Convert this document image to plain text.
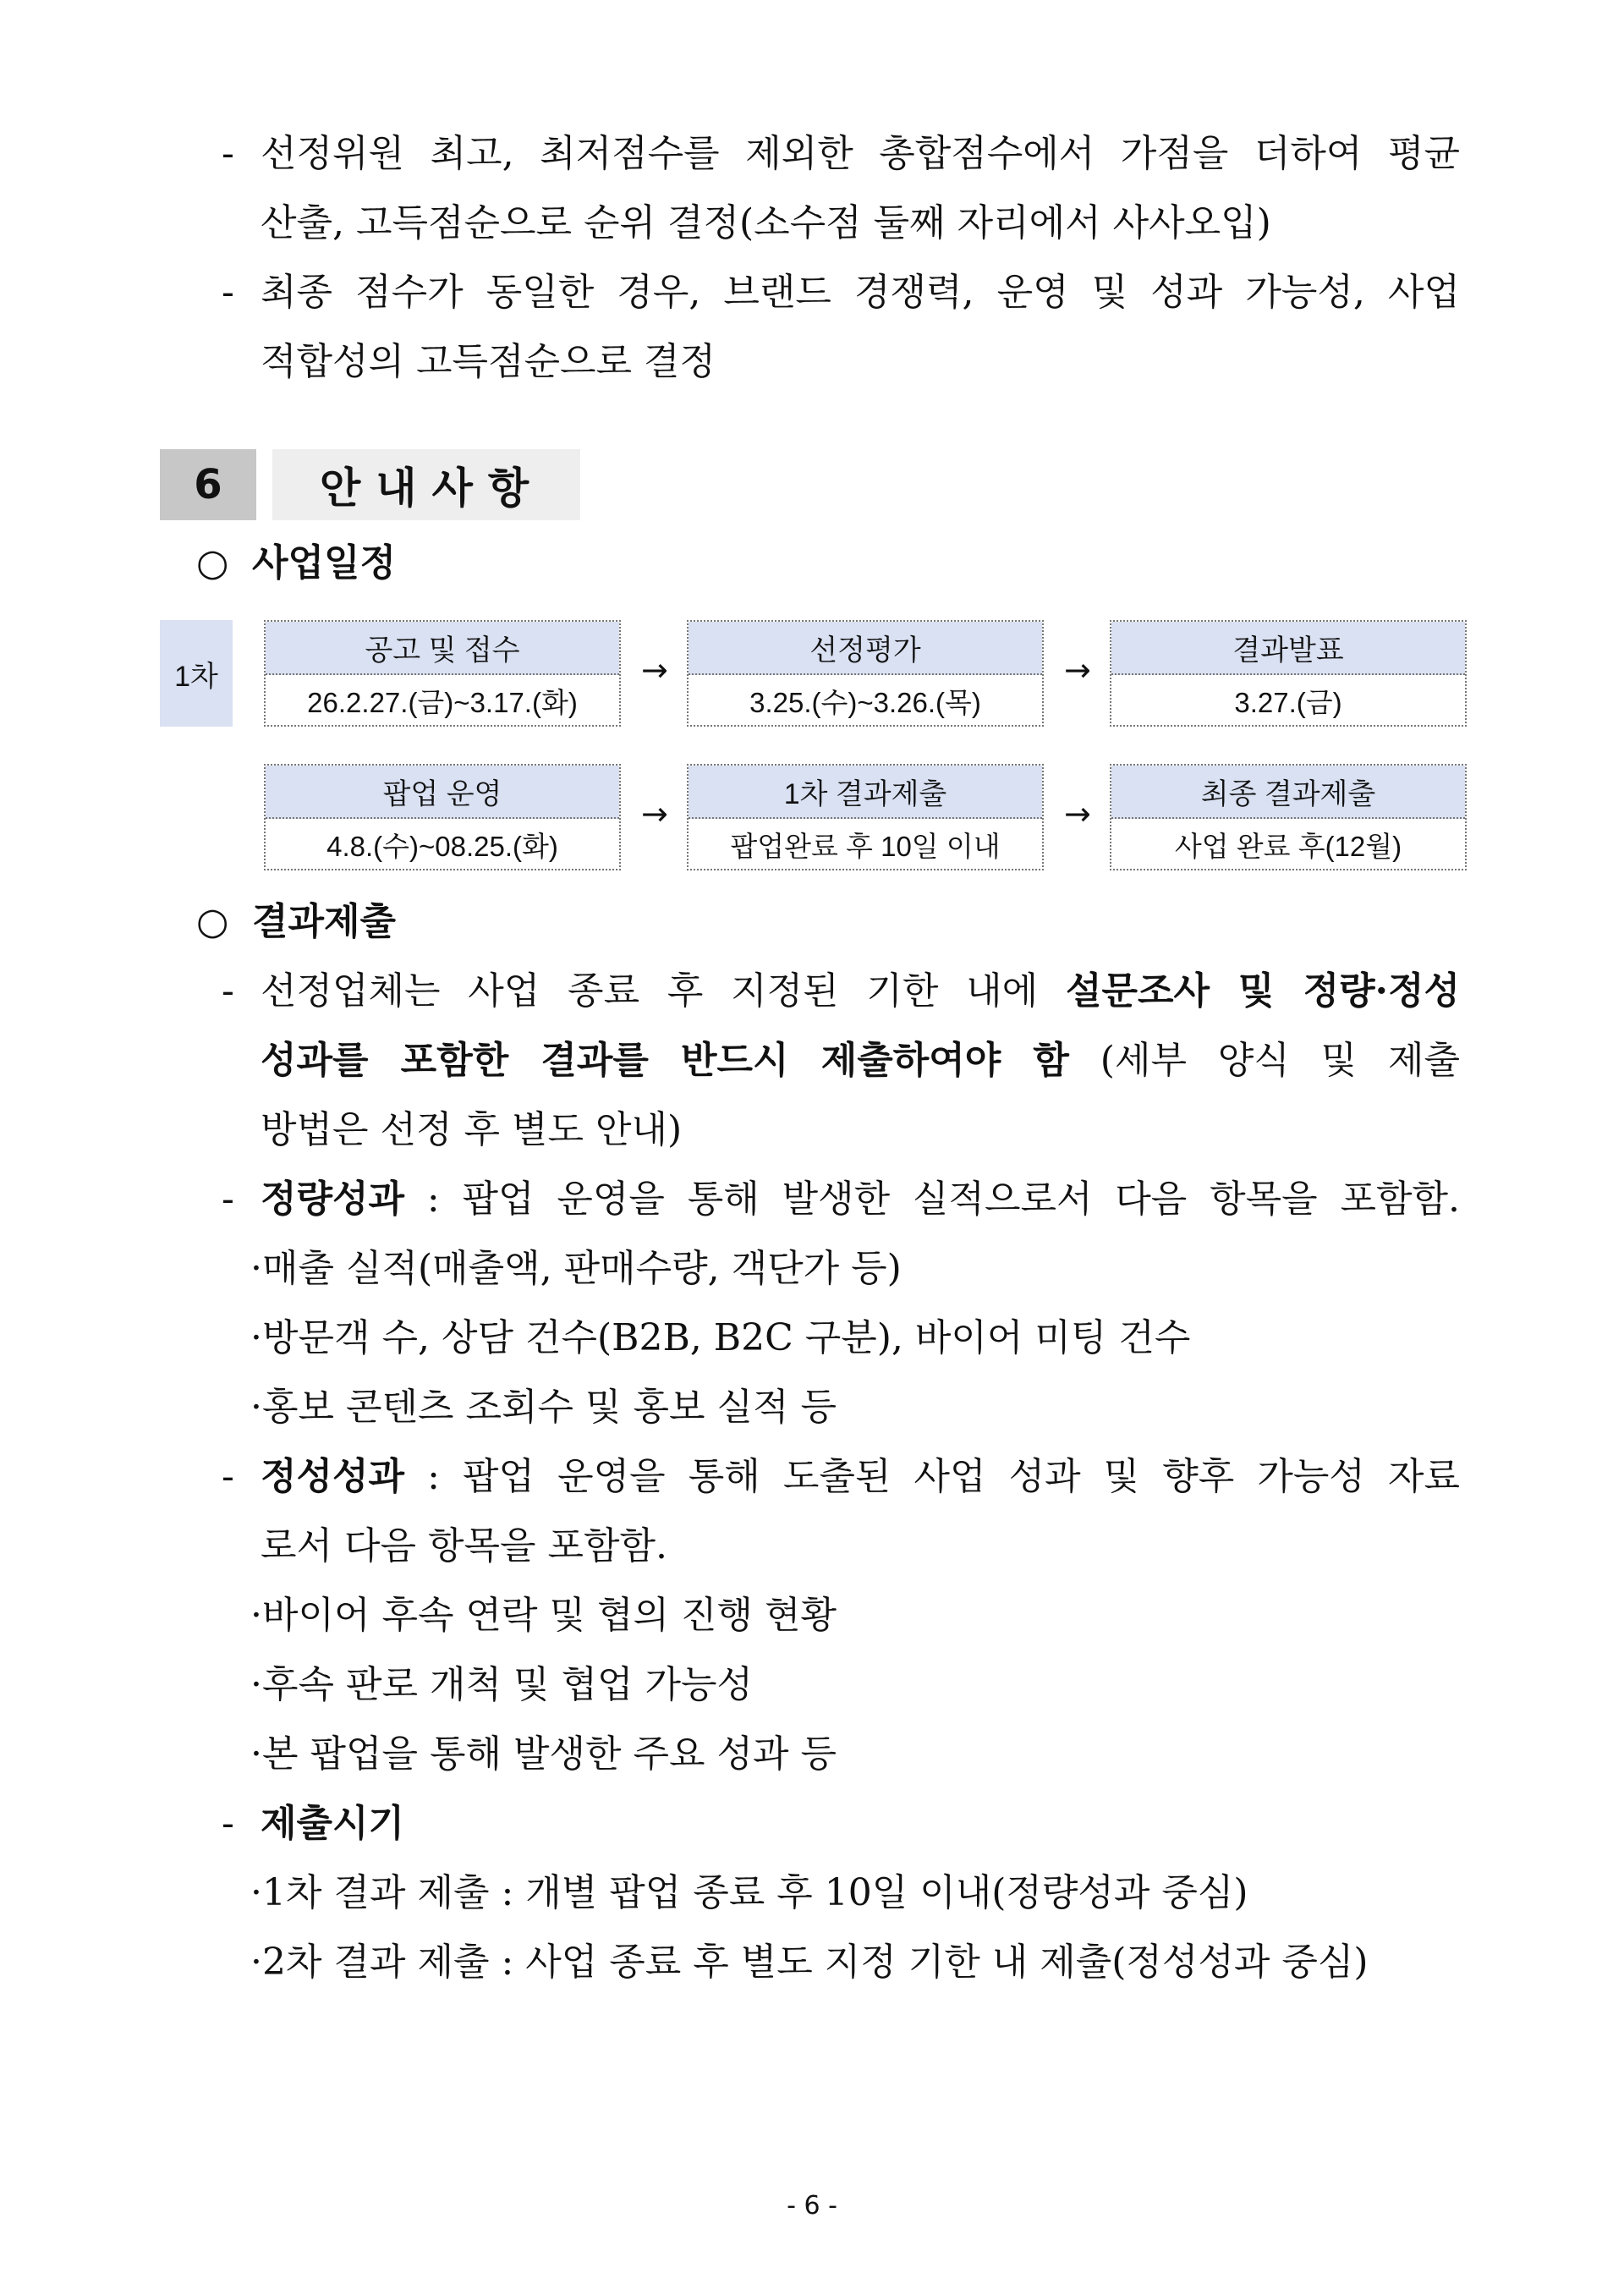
- 선정위원 최고, 최저점수를 제외한 총합점수에서 가점을 더하여 평균
산출, 고득점순으로 순위 결정(소수점 둘째 자리에서 사사오입)
- 최종 점수가 동일한 경우, 브랜드 경쟁력, 운영 및 성과 가능성, 사업
적합성의 고득점순으로 결정
6	안내사항
○ 사업일정
1차
공고 및 접수
26.2.27.(금)~3.17.(화)
→
선정평가
3.25.(수)~3.26.(목)
→
결과발표
3.27.(금)
팝업 운영
4.8.(수)~08.25.(화)
→
1차 결과제출
팝업완료 후 10일 이내
→
최종 결과제출
사업 완료 후(12월)
○ 결과제출
- 선정업체는 사업 종료 후 지정된 기한 내에 설문조사 및 정량·정성
성과를 포함한 결과를 반드시 제출하여야 함 (세부 양식 및 제출
방법은 선정 후 별도 안내)
- 정량성과 : 팝업 운영을 통해 발생한 실적으로서 다음 항목을 포함함.
·매출 실적(매출액, 판매수량, 객단가 등)
·방문객 수, 상담 건수(B2B, B2C 구분), 바이어 미팅 건수
·홍보 콘텐츠 조회수 및 홍보 실적 등
- 정성성과 : 팝업 운영을 통해 도출된 사업 성과 및 향후 가능성 자료
로서 다음 항목을 포함함.
·바이어 후속 연락 및 협의 진행 현황
·후속 판로 개척 및 협업 가능성
·본 팝업을 통해 발생한 주요 성과 등
- 제출시기
·1차 결과 제출 : 개별 팝업 종료 후 10일 이내(정량성과 중심)
·2차 결과 제출 : 사업 종료 후 별도 지정 기한 내 제출(정성성과 중심)
- 6 -
